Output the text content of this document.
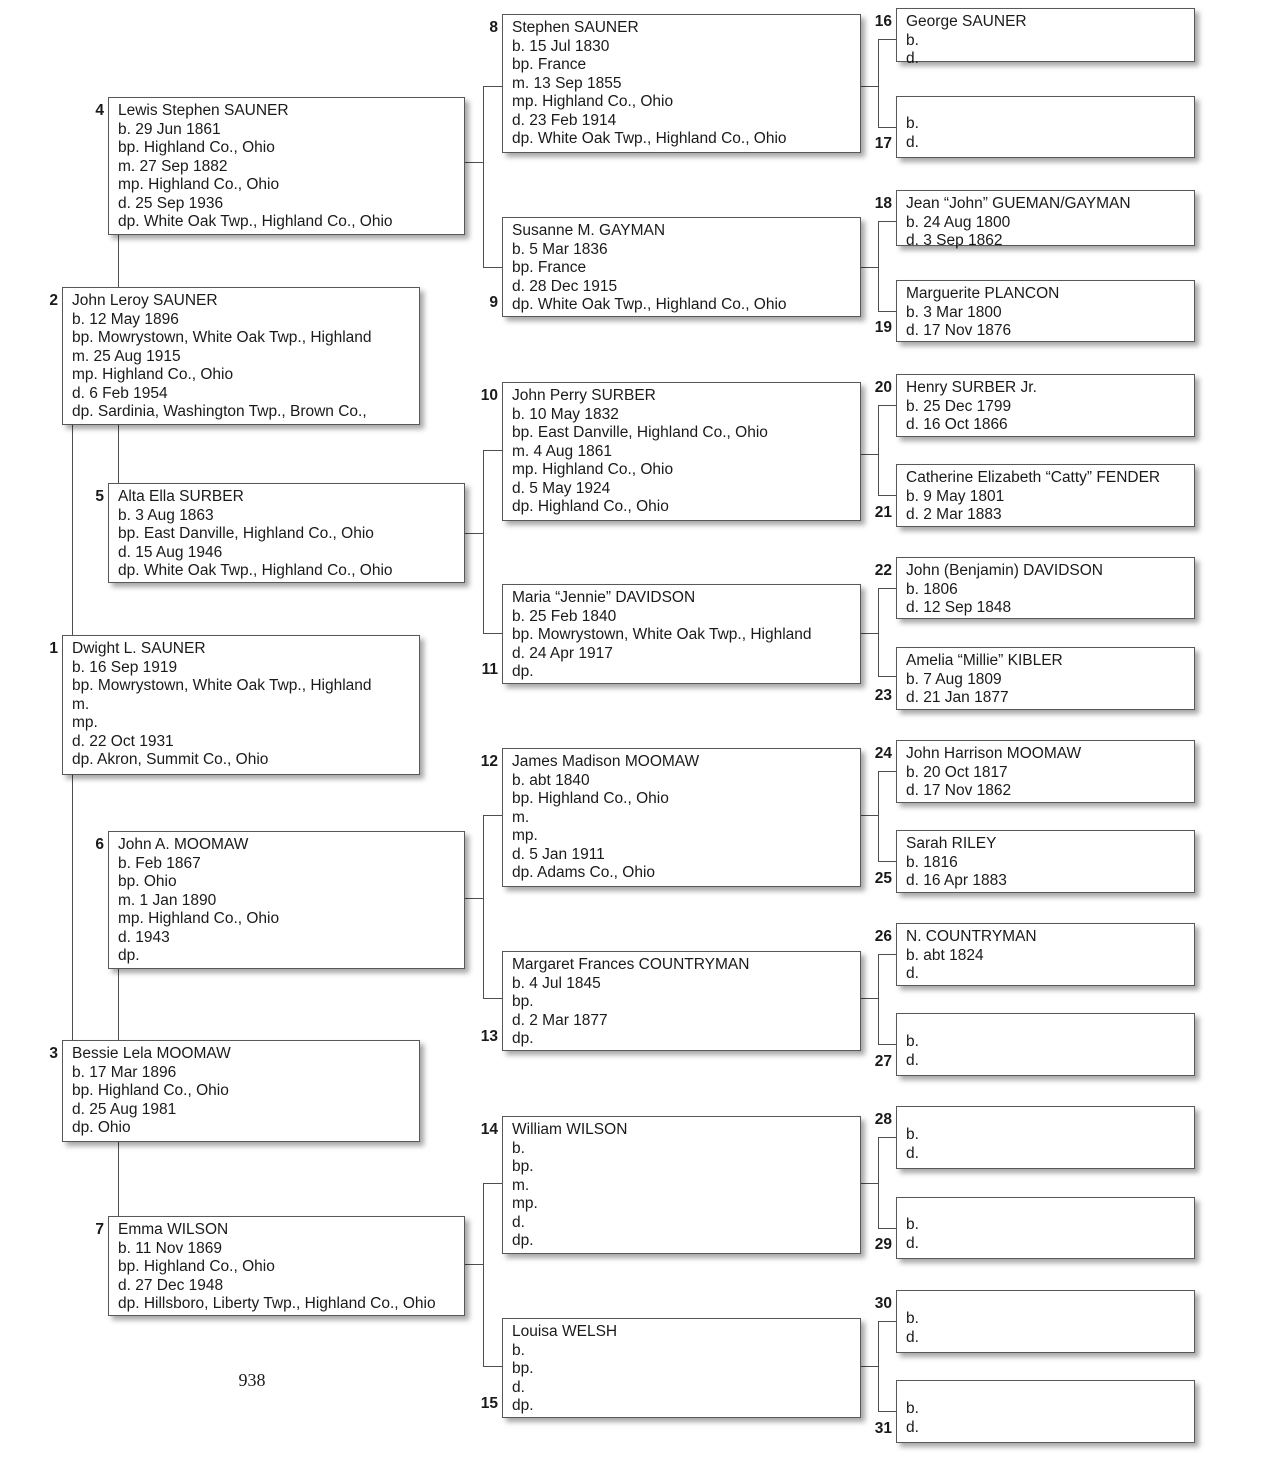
4 Lewis Stephen SAUNER
b. 29 Jun 1861
bp. Highland Co., Ohio
m. 27 Sep 1882
mp. Highland Co., Ohio
d. 25 Sep 1936
dp. White Oak Twp., Highland Co., Ohio
2 John Leroy SAUNER
b. 12 May 1896
bp. Mowrystown, White Oak Twp., Highland
m. 25 Aug 1915
mp. Highland Co., Ohio
d. 6 Feb 1954
dp. Sardinia, Washington Twp., Brown Co.,
5 Alta Ella SURBER
b. 3 Aug 1863
bp. East Danville, Highland Co., Ohio
d. 15 Aug 1946
dp. White Oak Twp., Highland Co., Ohio
1 Dwight L. SAUNER
b. 16 Sep 1919
bp. Mowrystown, White Oak Twp., Highland
m.
mp.
d. 22 Oct 1931
dp. Akron, Summit Co., Ohio
6 John A. MOOMAW
b. Feb 1867
bp. Ohio
m. 1 Jan 1890
mp. Highland Co., Ohio
d. 1943
dp.
3 Bessie Lela MOOMAW
b. 17 Mar 1896
bp. Highland Co., Ohio
d. 25 Aug 1981
dp. Ohio
7 Emma WILSON
b. 11 Nov 1869
bp. Highland Co., Ohio
d. 27 Dec 1948
dp. Hillsboro, Liberty Twp., Highland Co., Ohio
8 Stephen SAUNER
b. 15 Jul 1830
bp. France
m. 13 Sep 1855
mp. Highland Co., Ohio
d. 23 Feb 1914
dp. White Oak Twp., Highland Co., Ohio
9
Susanne M. GAYMAN
b. 5 Mar 1836
bp. France
d. 28 Dec 1915
dp. White Oak Twp., Highland Co., Ohio
10 John Perry SURBER
b. 10 May 1832
bp. East Danville, Highland Co., Ohio
m. 4 Aug 1861
mp. Highland Co., Ohio
d. 5 May 1924
dp. Highland Co., Ohio
11
Maria “Jennie” DAVIDSON
b. 25 Feb 1840
bp. Mowrystown, White Oak Twp., Highland
d. 24 Apr 1917
dp.
12 James Madison MOOMAW
b. abt 1840
bp. Highland Co., Ohio
m.
mp.
d. 5 Jan 1911
dp. Adams Co., Ohio
13
Margaret Frances COUNTRYMAN
b. 4 Jul 1845
bp.
d. 2 Mar 1877
dp.
14 William WILSON
b.
bp.
m.
mp.
d.
dp.
15
Louisa WELSH
b.
bp.
d.
dp.
16 George SAUNER
b.
d.
17
b.
d.
18 Jean “John” GUEMAN/GAYMAN
b. 24 Aug 1800
d. 3 Sep 1862
19
Marguerite PLANCON
b. 3 Mar 1800
d. 17 Nov 1876
20 Henry SURBER Jr.
b. 25 Dec 1799
d. 16 Oct 1866
21
Catherine Elizabeth “Catty” FENDER
b. 9 May 1801
d. 2 Mar 1883
22 John (Benjamin) DAVIDSON
b. 1806
d. 12 Sep 1848
23
Amelia “Millie” KIBLER
b. 7 Aug 1809
d. 21 Jan 1877
24 John Harrison MOOMAW
b. 20 Oct 1817
d. 17 Nov 1862
25
Sarah RILEY
b. 1816
d. 16 Apr 1883
26 N. COUNTRYMAN
b. abt 1824
d.
27
b.
d.
28
b.
d.
29
b.
d.
30
b.
d.
31
b.
d.
938
